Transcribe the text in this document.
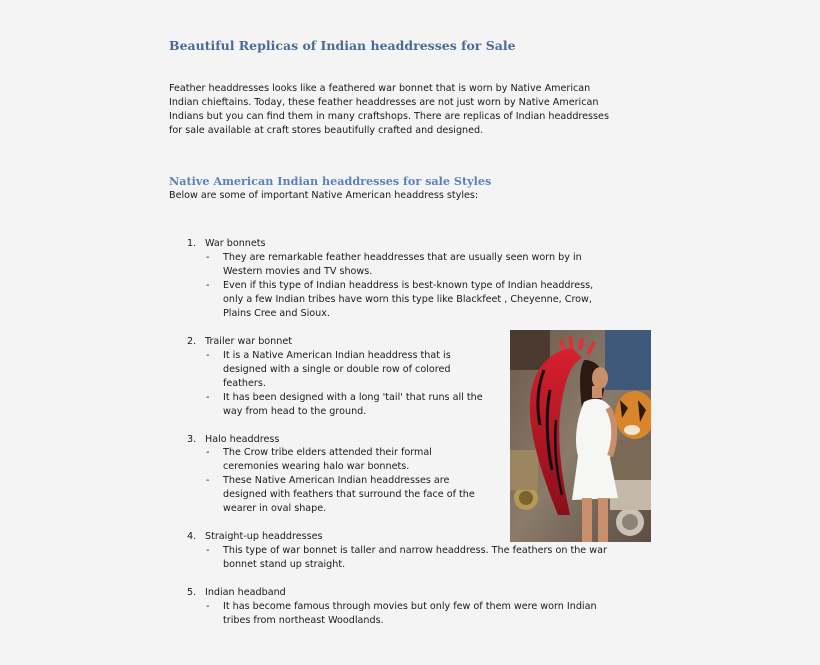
Beautiful Replicas of Indian headdresses for Sale
Feather headdresses looks like a feathered war bonnet that is worn by Native American
Indian chieftains. Today, these feather headdresses are not just worn by Native American
Indians but you can find them in many craftshops. There are replicas of Indian headdresses
for sale available at craft stores beautifully crafted and designed.
Native American Indian headdresses for sale Styles
Below are some of important Native American headdress styles:
1. War bonnets
- They are remarkable feather headdresses that are usually seen worn by in
Western movies and TV shows.
- Even if this type of Indian headdress is best-known type of Indian headdress,
only a few Indian tribes have worn this type like Blackfeet , Cheyenne, Crow,
Plains Cree and Sioux.
2. Trailer war bonnet
- It is a Native American Indian headdress that is
designed with a single or double row of colored
feathers.
- It has been designed with a long 'tail' that runs all the
way from head to the ground.
3. Halo headdress
- The Crow tribe elders attended their formal
ceremonies wearing halo war bonnets.
- These Native American Indian headdresses are
designed with feathers that surround the face of the
wearer in oval shape.
4. Straight-up headdresses
- This type of war bonnet is taller and narrow headdress. The feathers on the war
bonnet stand up straight.
5. Indian headband
- It has become famous through movies but only few of them were worn Indian
tribes from northeast Woodlands.
